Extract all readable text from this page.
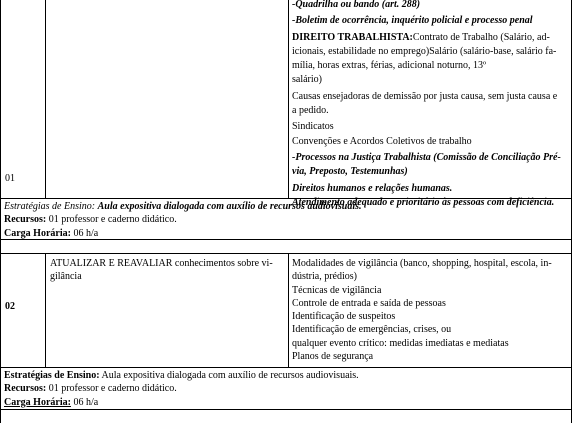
01
-Quadrilha ou bando (art. 288)
-Boletim de ocorrência, inquérito policial e processo penal
DIREITO TRABALHISTA:Contrato de Trabalho (Salário, ad-
icionais, estabilidade no emprego)Salário (salário-base, salário fa-
mília, horas extras, férias, adicional noturno, 13º
salário)
Causas ensejadoras de demissão por justa causa, sem justa causa e
a pedido.
Sindicatos
Convenções e Acordos Coletivos de trabalho
-Processos na Justiça Trabalhista (Comissão de Conciliação Pré-
via, Preposto, Testemunhas)
Direitos humanos e relações humanas.
Atendimento adequado e prioritário às pessoas com deficiência.
Estratégias de Ensino: Aula expositiva dialogada com auxílio de recursos audiovisuais.
Recursos: 01 professor e caderno didático.
Carga Horária: 06 h/a
02
ATUALIZAR E REAVALIAR conhecimentos sobre vi-
gilância
Modalidades de vigilância (banco, shopping, hospital, escola, in-
dústria, prédios)
Técnicas de vigilância
Controle de entrada e saída de pessoas
Identificação de suspeitos
Identificação de emergências, crises, ou
qualquer evento crítico: medidas imediatas e mediatas
Planos de segurança
Estratégias de Ensino: Aula expositiva dialogada com auxílio de recursos audiovisuais.
Recursos: 01 professor e caderno didático.
Carga Horária: 06 h/a
